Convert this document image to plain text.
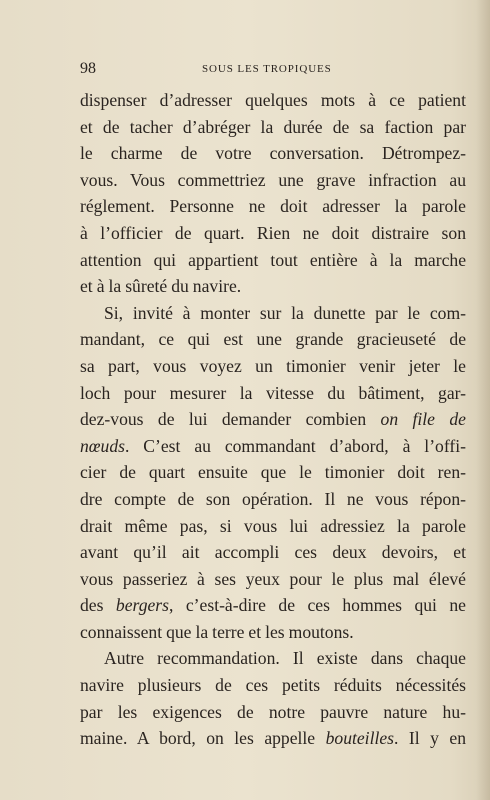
98	SOUS LES TROPIQUES
dispenser d’adresser quelques mots à ce patient
et de tacher d’abréger la durée de sa faction par
le charme de votre conversation. Détrompez-
vous. Vous commettriez une grave infraction au
réglement. Personne ne doit adresser la parole
à l’officier de quart. Rien ne doit distraire son
attention qui appartient tout entière à la marche
et à la sûreté du navire.
Si, invité à monter sur la dunette par le com-
mandant, ce qui est une grande gracieuseté de
sa part, vous voyez un timonier venir jeter le
loch pour mesurer la vitesse du bâtiment, gar-
dez-vous de lui demander combien on file de
nœuds. C’est au commandant d’abord, à l’offi-
cier de quart ensuite que le timonier doit ren-
dre compte de son opération. Il ne vous répon-
drait même pas, si vous lui adressiez la parole
avant qu’il ait accompli ces deux devoirs, et
vous passeriez à ses yeux pour le plus mal élevé
des bergers, c’est-à-dire de ces hommes qui ne
connaissent que la terre et les moutons.
Autre recommandation. Il existe dans chaque
navire plusieurs de ces petits réduits nécessités
par les exigences de notre pauvre nature hu-
maine. A bord, on les appelle bouteilles. Il y en
